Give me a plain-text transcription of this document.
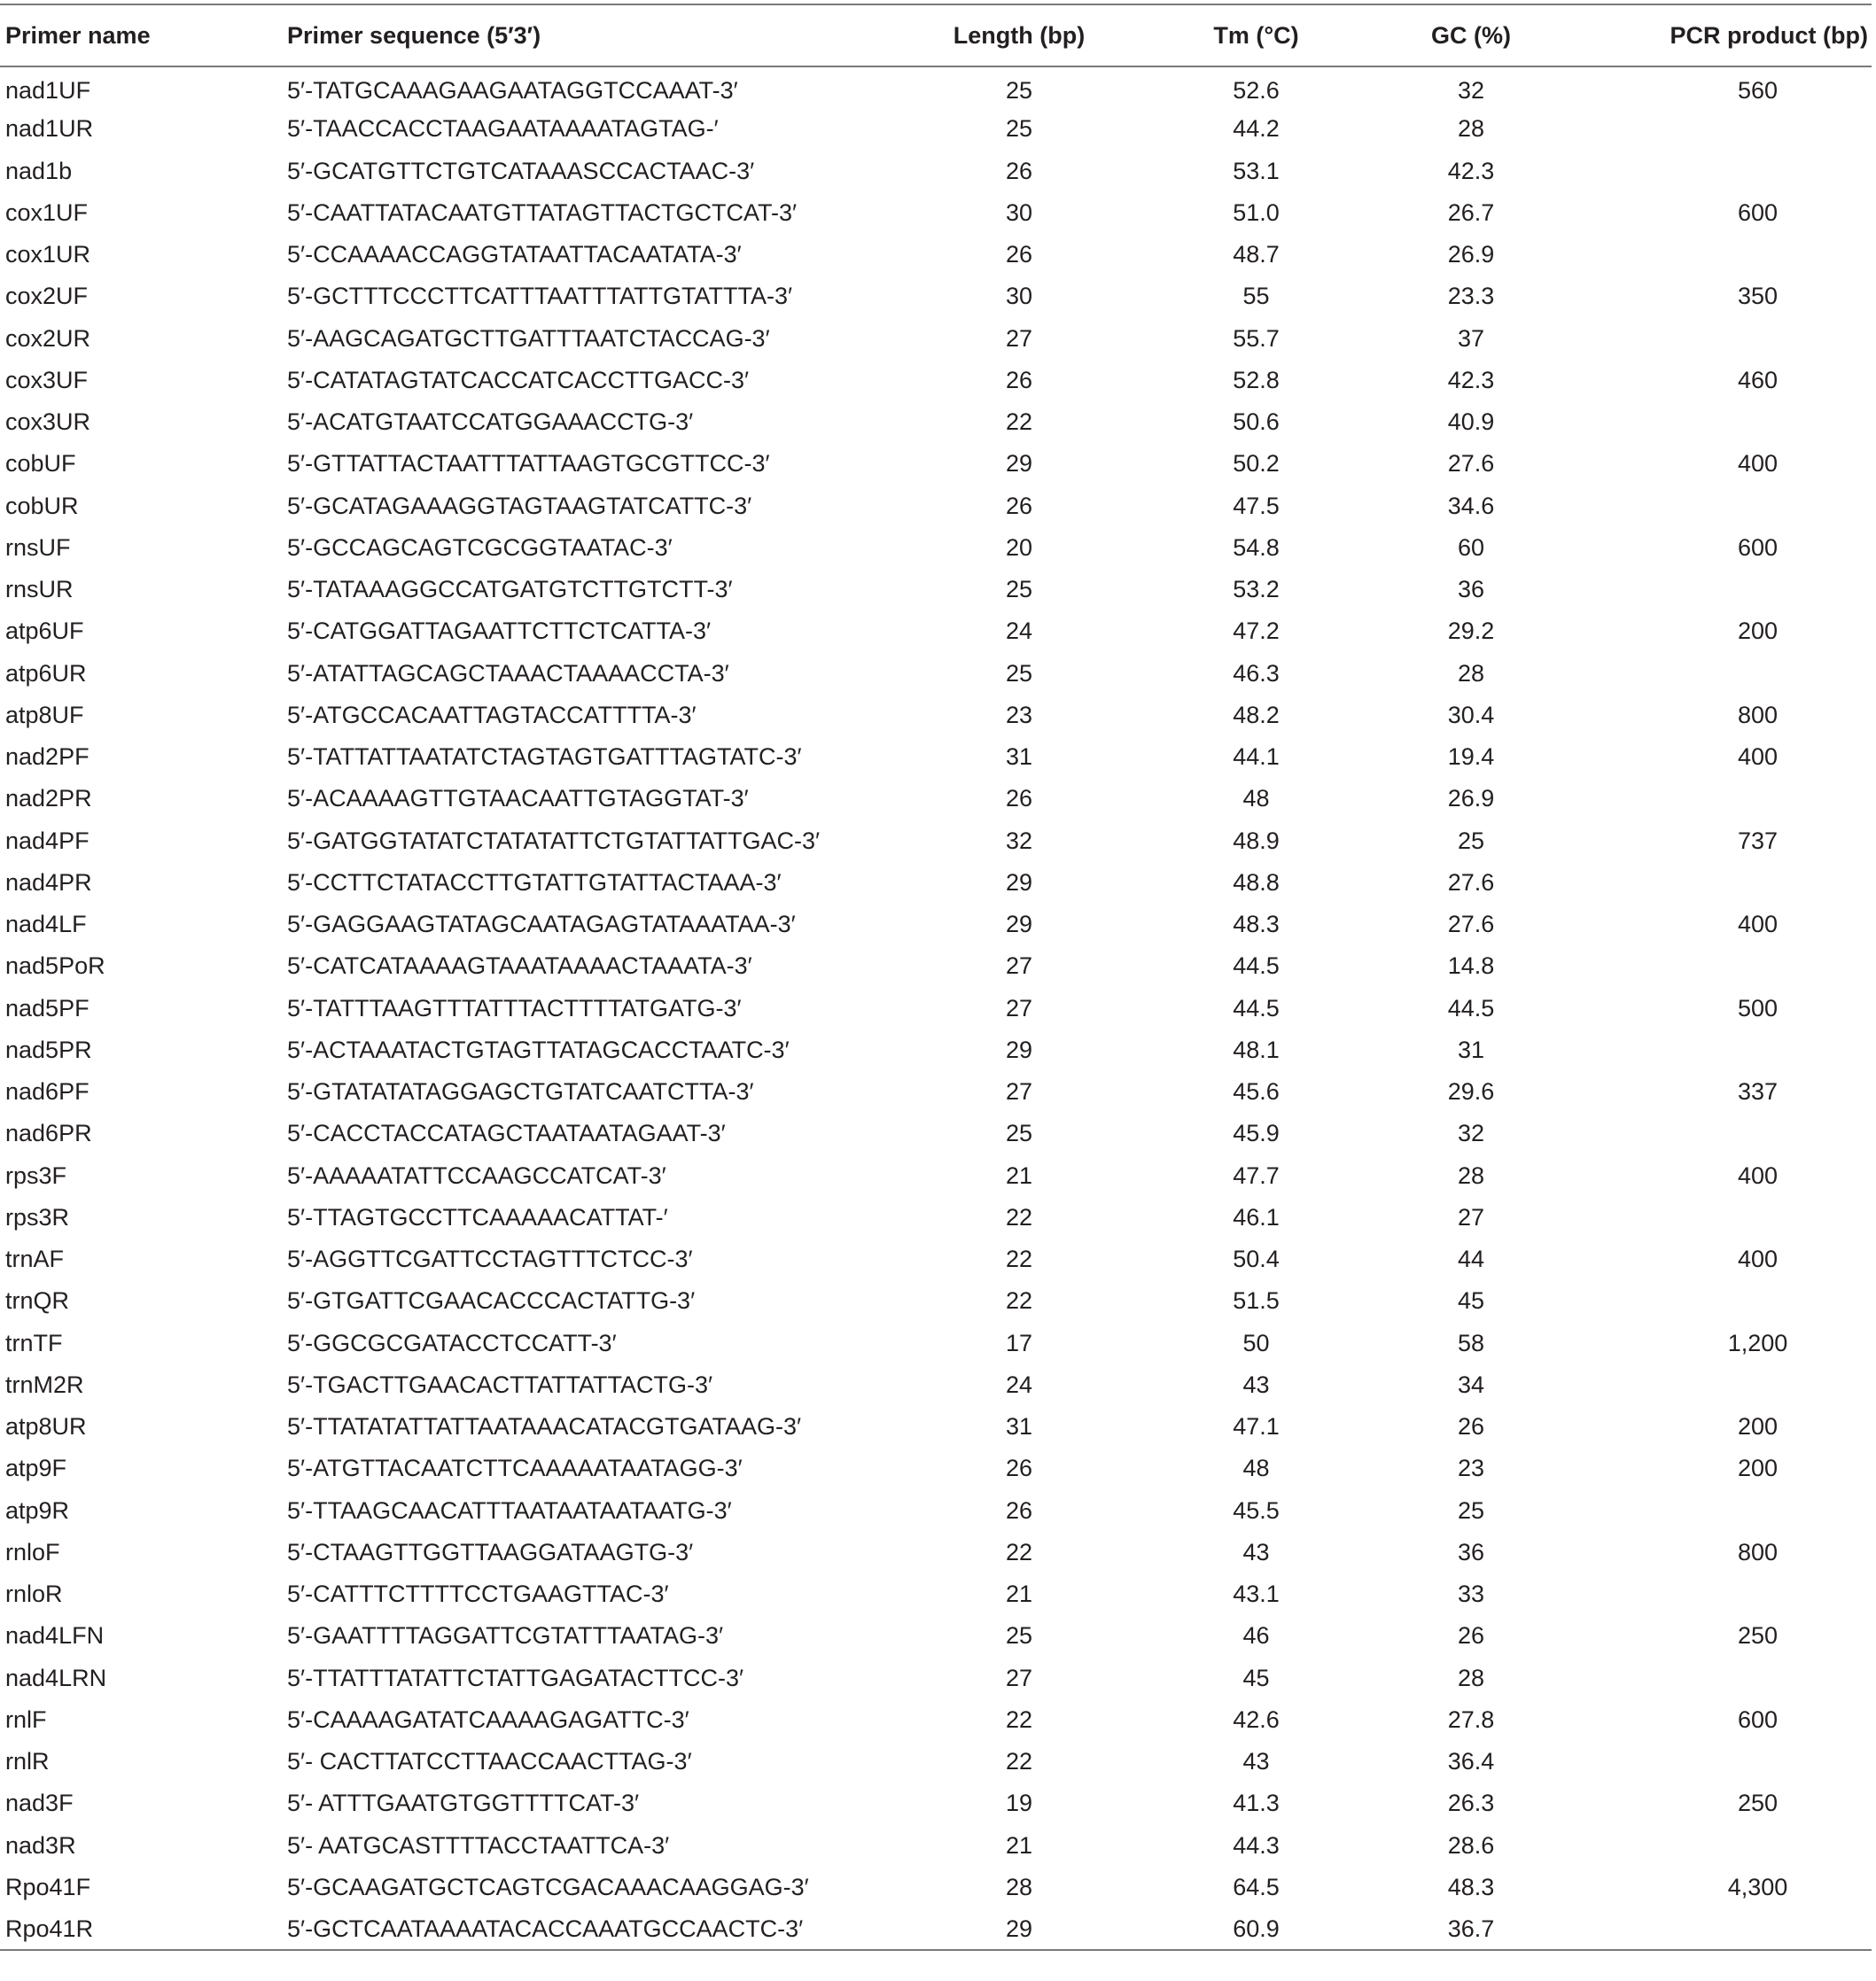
Primer name	Primer sequence (5′3′)	Length (bp)	Tm (°C)	GC (%)	PCR product (bp)
nad1UF	5′-TATGCAAAGAAGAATAGGTCCAAAT-3′	25	52.6	32	560
nad1UR	5′-TAACCACCTAAGAATAAAATAGTAG-′	25	44.2	28	
nad1b	5′-GCATGTTCTGTCATAAASCCACTAAC-3′	26	53.1	42.3	
cox1UF	5′-CAATTATACAATGTTATAGTTACTGCTCAT-3′	30	51.0	26.7	600
cox1UR	5′-CCAAAACCAGGTATAATTACAATATA-3′	26	48.7	26.9	
cox2UF	5′-GCTTTCCCTTCATTTAATTTATTGTATTTA-3′	30	55	23.3	350
cox2UR	5′-AAGCAGATGCTTGATTTAATCTACCAG-3′	27	55.7	37	
cox3UF	5′-CATATAGTATCACCATCACCTTGACC-3′	26	52.8	42.3	460
cox3UR	5′-ACATGTAATCCATGGAAACCTG-3′	22	50.6	40.9	
cobUF	5′-GTTATTACTAATTTATTAAGTGCGTTCC-3′	29	50.2	27.6	400
cobUR	5′-GCATAGAAAGGTAGTAAGTATCATTC-3′	26	47.5	34.6	
rnsUF	5′-GCCAGCAGTCGCGGTAATAC-3′	20	54.8	60	600
rnsUR	5′-TATAAAGGCCATGATGTCTTGTCTT-3′	25	53.2	36	
atp6UF	5′-CATGGATTAGAATTCTTCTCATTA-3′	24	47.2	29.2	200
atp6UR	5′-ATATTAGCAGCTAAACTAAAACCTA-3′	25	46.3	28	
atp8UF	5′-ATGCCACAATTAGTACCATTTTA-3′	23	48.2	30.4	800
nad2PF	5′-TATTATTAATATCTAGTAGTGATTTAGTATC-3′	31	44.1	19.4	400
nad2PR	5′-ACAAAAGTTGTAACAATTGTAGGTAT-3′	26	48	26.9	
nad4PF	5′-GATGGTATATCTATATATTCTGTATTATTGAC-3′	32	48.9	25	737
nad4PR	5′-CCTTCTATACCTTGTATTGTATTACTAAA-3′	29	48.8	27.6	
nad4LF	5′-GAGGAAGTATAGCAATAGAGTATAAATAA-3′	29	48.3	27.6	400
nad5PoR	5′-CATCATAAAAGTAAATAAAACTAAATA-3′	27	44.5	14.8	
nad5PF	5′-TATTTAAGTTTATTTACTTTTATGATG-3′	27	44.5	44.5	500
nad5PR	5′-ACTAAATACTGTAGTTATAGCACCTAATC-3′	29	48.1	31	
nad6PF	5′-GTATATATAGGAGCTGTATCAATCTTA-3′	27	45.6	29.6	337
nad6PR	5′-CACCTACCATAGCTAATAATAGAAT-3′	25	45.9	32	
rps3F	5′-AAAAATATTCCAAGCCATCAT-3′	21	47.7	28	400
rps3R	5′-TTAGTGCCTTCAAAAACATTAT-′	22	46.1	27	
trnAF	5′-AGGTTCGATTCCTAGTTTCTCC-3′	22	50.4	44	400
trnQR	5′-GTGATTCGAACACCCACTATTG-3′	22	51.5	45	
trnTF	5′-GGCGCGATACCTCCATT-3′	17	50	58	1,200
trnM2R	5′-TGACTTGAACACTTATTATTACTG-3′	24	43	34	
atp8UR	5′-TTATATATTATTAATAAACATACGTGATAAG-3′	31	47.1	26	200
atp9F	5′-ATGTTACAATCTTCAAAAATAATAGG-3′	26	48	23	200
atp9R	5′-TTAAGCAACATTTAATAATAATAATG-3′	26	45.5	25	
rnloF	5′-CTAAGTTGGTTAAGGATAAGTG-3′	22	43	36	800
rnloR	5′-CATTTCTTTTCCTGAAGTTAC-3′	21	43.1	33	
nad4LFN	5′-GAATTTTAGGATTCGTATTTAATAG-3′	25	46	26	250
nad4LRN	5′-TTATTTATATTCTATTGAGATACTTCC-3′	27	45	28	
rnlF	5′-CAAAAGATATCAAAAGAGATTC-3′	22	42.6	27.8	600
rnlR	5′- CACTTATCCTTAACCAACTTAG-3′	22	43	36.4	
nad3F	5′- ATTTGAATGTGGTTTTCAT-3′	19	41.3	26.3	250
nad3R	5′- AATGCASTTTTACCTAATTCA-3′	21	44.3	28.6	
Rpo41F	5′-GCAAGATGCTCAGTCGACAAACAAGGAG-3′	28	64.5	48.3	4,300
Rpo41R	5′-GCTCAATAAAATACACCAAATGCCAACTC-3′	29	60.9	36.7	
